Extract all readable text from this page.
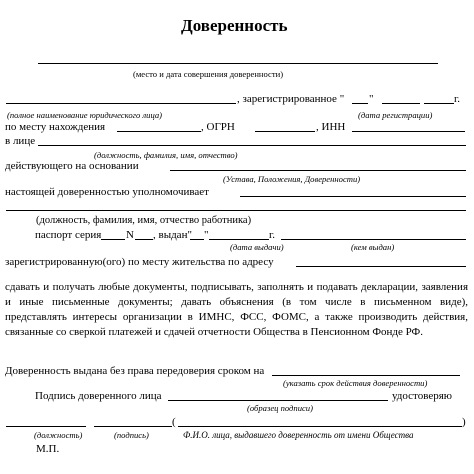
Доверенность
(место и дата совершения доверенности)
, зарегистрированное " "	г.
(полное наименование юридического лица)	(дата регистрации)
по месту нахождения	, ОГРН	, ИНН
в лице
(должность, фамилия, имя, отчество)
действующего на основании
(Устава, Положения, Доверенности)
настоящей доверенностью уполномочивает
(должность, фамилия, имя, отчество работника)
паспорт серия N , выдан" "	г.
(дата выдачи)	(кем выдан)
зарегистрированную(ого) по месту жительства по адресу
сдавать и получать любые документы, подписывать, заполнять и подавать декларации, заявления и иные письменные документы; давать объяснения (в том числе в письменном виде), представлять интересы организации в ИМНС, ФСС, ФОМС, а также производить действия, связанные со сверкой платежей и сдачей отчетности Общества в Пенсионном Фонде РФ.
Доверенность выдана без права передоверия сроком на
(указать срок действия доверенности)
Подпись доверенного лица	удостоверяю
(образец подписи)
(	)
(должность)	(подпись)	Ф.И.О. лица, выдавшего доверенность от имени Общества
М.П.
